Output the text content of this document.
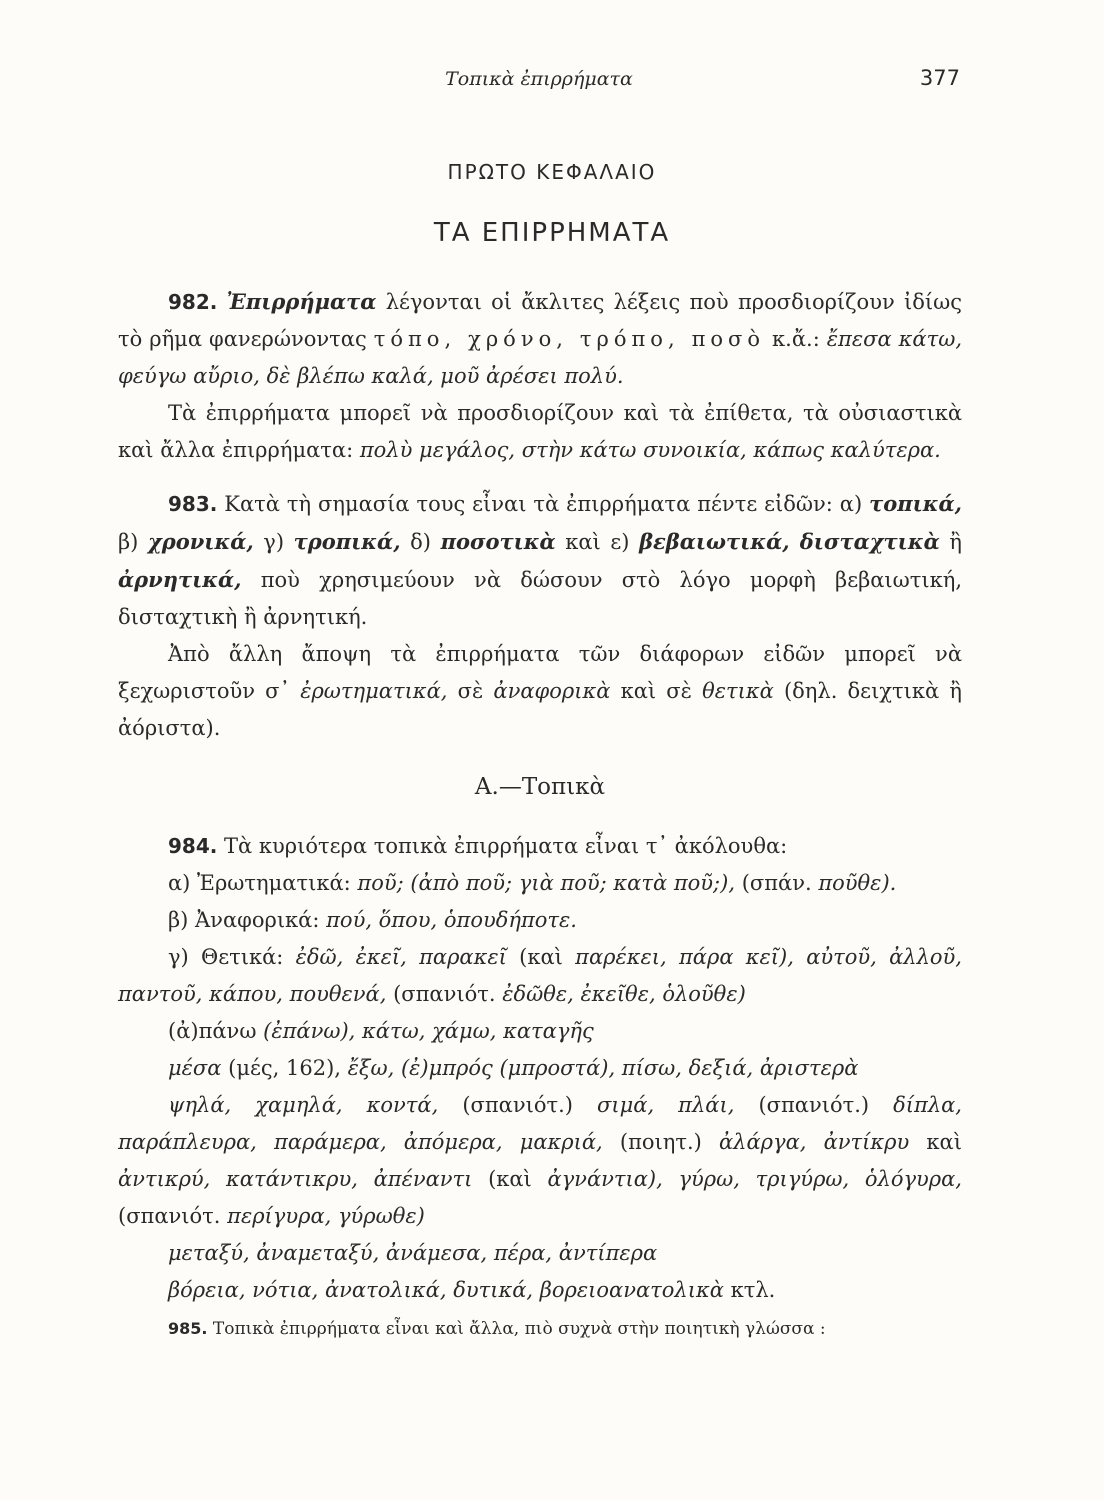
Τοπικὰ ἐπιρρήματα	377
ΠΡΩΤΟ ΚΕΦΑΛΑΙΟ
ΤΑ ΕΠΙΡΡΗΜΑΤΑ

982. Ἐπιρρήματα λέγονται οἱ ἄκλιτες λέξεις ποὺ προσδιορίζουν ἰδίως τὸ ρῆμα φανερώνοντας τόπο, χρόνο, τρόπο, ποσὸ κ.ἄ.: ἔπεσα κάτω, φεύγω αὔριο, δὲ βλέπω καλά, μοῦ ἀρέσει πολύ.

Τὰ ἐπιρρήματα μπορεῖ νὰ προσδιορίζουν καὶ τὰ ἐπίθετα, τὰ οὐσιαστικὰ καὶ ἄλλα ἐπιρρήματα: πολὺ μεγάλος, στὴν κάτω συνοικία, κάπως καλύτερα.

983. Κατὰ τὴ σημασία τους εἶναι τὰ ἐπιρρήματα πέντε εἰδῶν: α) τοπικά, β) χρονικά, γ) τροπικά, δ) ποσοτικὰ καὶ ε) βεβαιωτικά, δισταχτικὰ ἢ ἀρνητικά, ποὺ χρησιμεύουν νὰ δώσουν στὸ λόγο μορφὴ βεβαιωτική, δισταχτικὴ ἢ ἀρνητική.

Ἀπὸ ἄλλη ἄποψη τὰ ἐπιρρήματα τῶν διάφορων εἰδῶν μπορεῖ νὰ ξεχωριστοῦν σ᾽ ἐρωτηματικά, σὲ ἀναφορικὰ καὶ σὲ θετικὰ (δηλ. δειχτικὰ ἢ ἀόριστα).

Α.—Τοπικὰ

984. Τὰ κυριότερα τοπικὰ ἐπιρρήματα εἶναι τ᾽ ἀκόλουθα:

α) Ἐρωτηματικά: ποῦ; (ἀπὸ ποῦ; γιὰ ποῦ; κατὰ ποῦ;), (σπάν. ποῦθε).

β) Ἀναφορικά: πού, ὅπου, ὁπουδήποτε.

γ) Θετικά: ἐδῶ, ἐκεῖ, παρακεῖ (καὶ παρέκει, πάρα κεῖ), αὐτοῦ, ἀλλοῦ, παντοῦ, κάπου, πουθενά, (σπανιότ. ἐδῶθε, ἐκεῖθε, ὁλοῦθε)

(ἀ)πάνω (ἐπάνω), κάτω, χάμω, καταγῆς

μέσα (μές, 162), ἔξω, (ἐ)μπρός (μπροστά), πίσω, δεξιά, ἀριστερὰ

ψηλά, χαμηλά, κοντά, (σπανιότ.) σιμά, πλάι, (σπανιότ.) δίπλα, παράπλευρα, παράμερα, ἀπόμερα, μακριά, (ποιητ.) ἀλάργα, ἀντίκρυ καὶ ἀντικρύ, κατάντικρυ, ἀπέναντι (καὶ ἀγνάντια), γύρω, τριγύρω, ὁλόγυρα, (σπανιότ. περίγυρα, γύρωθε)

μεταξύ, ἀναμεταξύ, ἀνάμεσα, πέρα, ἀντίπερα

βόρεια, νότια, ἀνατολικά, δυτικά, βορειοανατολικὰ κτλ.

985. Τοπικὰ ἐπιρρήματα εἶναι καὶ ἄλλα, πιὸ συχνὰ στὴν ποιητικὴ γλώσσα :
